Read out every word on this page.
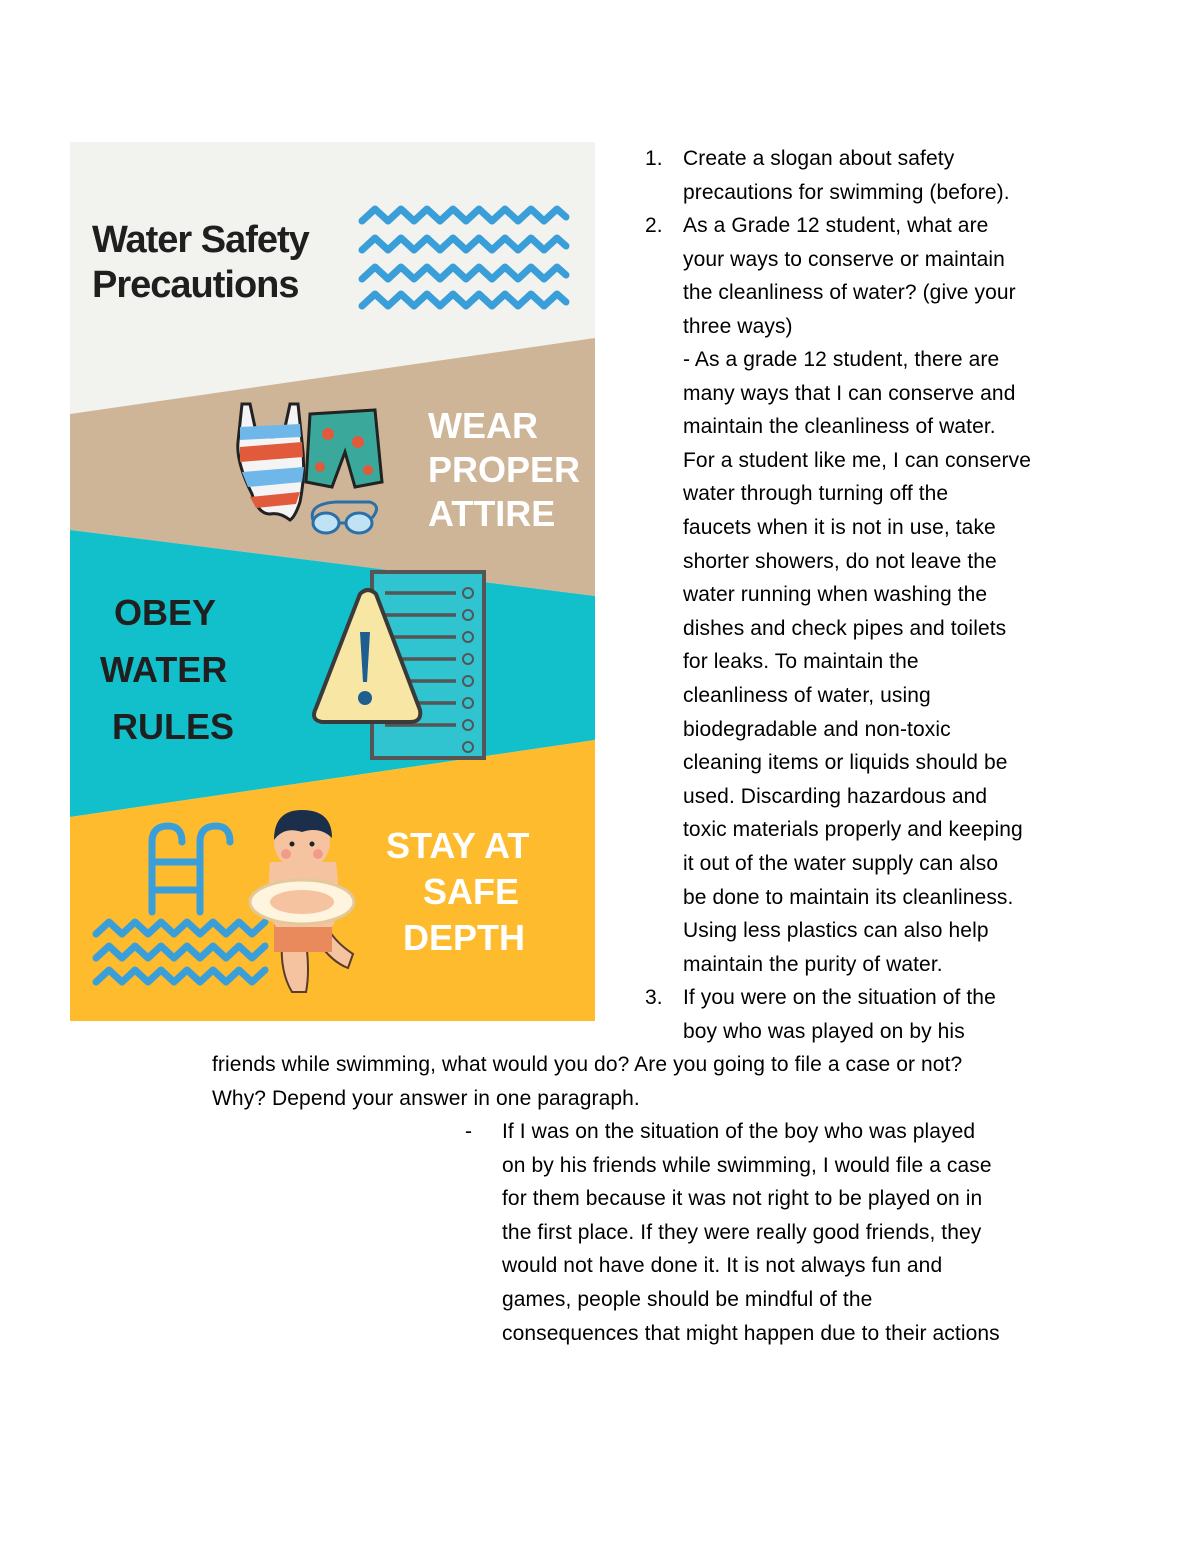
Water Safety
Precautions
WEAR
PROPER
ATTIRE
OBEY
WATER
RULES
STAY AT
SAFE
DEPTH
1. Create a slogan about safety
precautions for swimming (before).
2. As a Grade 12 student, what are
your ways to conserve or maintain
the cleanliness of water? (give your
three ways)
- As a grade 12 student, there are
many ways that I can conserve and
maintain the cleanliness of water.
For a student like me, I can conserve
water through turning off the
faucets when it is not in use, take
shorter showers, do not leave the
water running when washing the
dishes and check pipes and toilets
for leaks. To maintain the
cleanliness of water, using
biodegradable and non-toxic
cleaning items or liquids should be
used. Discarding hazardous and
toxic materials properly and keeping
it out of the water supply can also
be done to maintain its cleanliness.
Using less plastics can also help
maintain the purity of water.
3. If you were on the situation of the
boy who was played on by his
friends while swimming, what would you do? Are you going to file a case or not?
Why? Depend your answer in one paragraph.
- If I was on the situation of the boy who was played
on by his friends while swimming, I would file a case
for them because it was not right to be played on in
the first place. If they were really good friends, they
would not have done it. It is not always fun and
games, people should be mindful of the
consequences that might happen due to their actions
